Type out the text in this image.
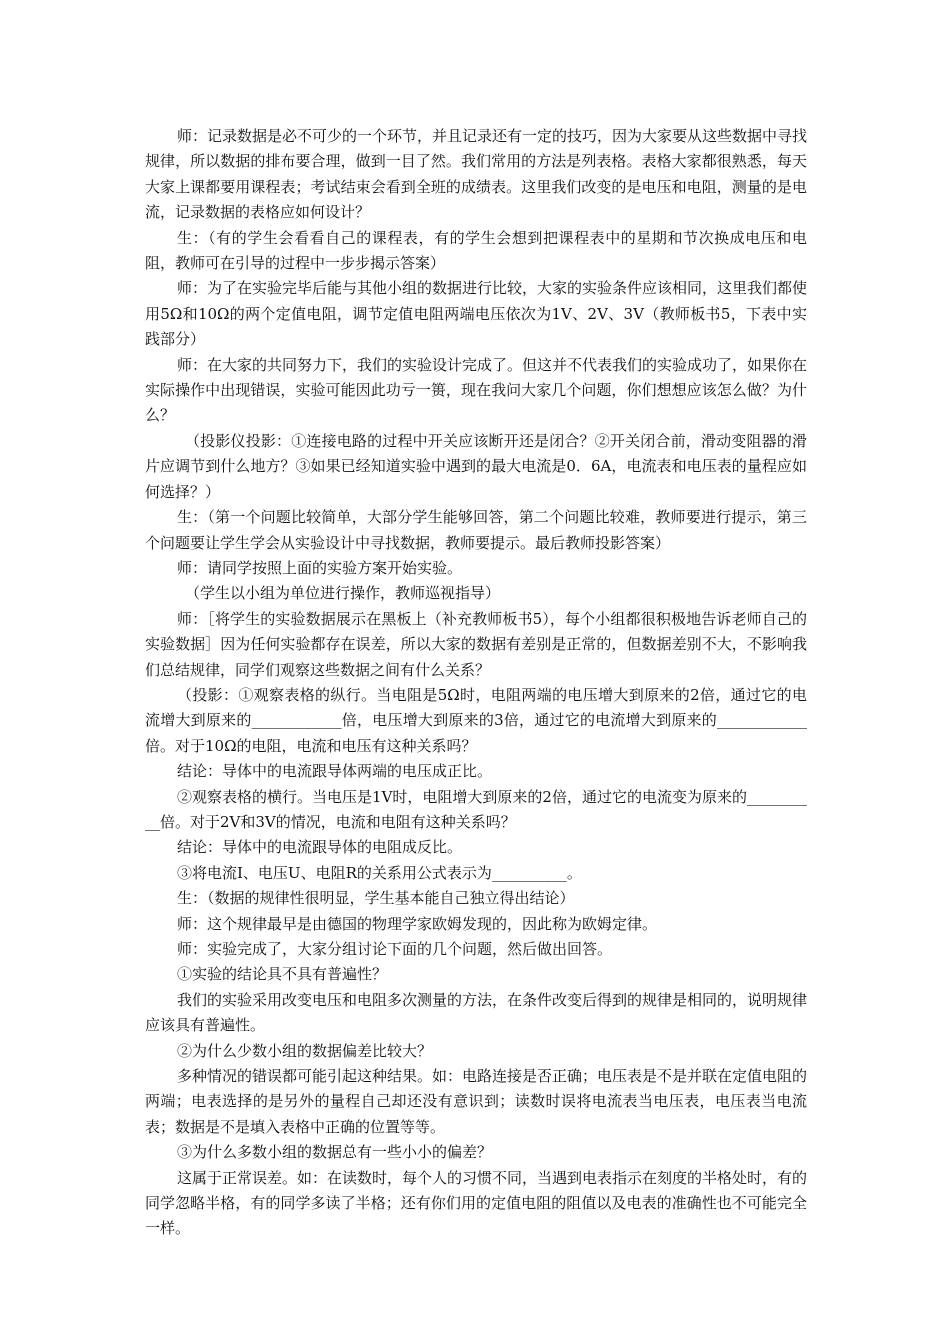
师：记录数据是必不可少的一个环节，并且记录还有一定的技巧，因为大家要从这些数据中寻找规律，所以数据的排布要合理，做到一目了然。我们常用的方法是列表格。表格大家都很熟悉，每天大家上课都要用课程表；考试结束会看到全班的成绩表。这里我们改变的是电压和电阻，测量的是电流，记录数据的表格应如何设计？

生：（有的学生会看看自己的课程表，有的学生会想到把课程表中的星期和节次换成电压和电阻，教师可在引导的过程中一步步揭示答案）

师：为了在实验完毕后能与其他小组的数据进行比较，大家的实验条件应该相同，这里我们都使用5Ω和10Ω的两个定值电阻，调节定值电阻两端电压依次为1V、2V、3V（教师板书5，下表中实践部分）

师：在大家的共同努力下，我们的实验设计完成了。但这并不代表我们的实验成功了，如果你在实际操作中出现错误，实验可能因此功亏一篑，现在我问大家几个问题，你们想想应该怎么做？为什么？

（投影仪投影：①连接电路的过程中开关应该断开还是闭合？②开关闭合前，滑动变阻器的滑片应调节到什么地方？③如果已经知道实验中遇到的最大电流是0．6A，电流表和电压表的量程应如何选择？）

生：（第一个问题比较简单，大部分学生能够回答，第二个问题比较难，教师要进行提示，第三个问题要让学生学会从实验设计中寻找数据，教师要提示。最后教师投影答案）

师：请同学按照上面的实验方案开始实验。

（学生以小组为单位进行操作，教师巡视指导）

师：［将学生的实验数据展示在黑板上（补充教师板书5），每个小组都很积极地告诉老师自己的实验数据］因为任何实验都存在误差，所以大家的数据有差别是正常的，但数据差别不大，不影响我们总结规律，同学们观察这些数据之间有什么关系？

（投影：①观察表格的纵行。当电阻是5Ω时，电阻两端的电压增大到原来的2倍，通过它的电流增大到原来的____________倍，电压增大到原来的3倍，通过它的电流增大到原来的____________倍。对于10Ω的电阻，电流和电压有这种关系吗？

结论：导体中的电流跟导体两端的电压成正比。

②观察表格的横行。当电压是1V时，电阻增大到原来的2倍，通过它的电流变为原来的__________倍。对于2V和3V的情况，电流和电阻有这种关系吗？

结论：导体中的电流跟导体的电阻成反比。

③将电流I、电压U、电阻R的关系用公式表示为__________。

生：（数据的规律性很明显，学生基本能自己独立得出结论）

师：这个规律最早是由德国的物理学家欧姆发现的，因此称为欧姆定律。

师：实验完成了，大家分组讨论下面的几个问题，然后做出回答。

①实验的结论具不具有普遍性？

我们的实验采用改变电压和电阻多次测量的方法，在条件改变后得到的规律是相同的，说明规律应该具有普遍性。

②为什么少数小组的数据偏差比较大？

多种情况的错误都可能引起这种结果。如：电路连接是否正确；电压表是不是并联在定值电阻的两端；电表选择的是另外的量程自己却还没有意识到；读数时误将电流表当电压表，电压表当电流表；数据是不是填入表格中正确的位置等等。

③为什么多数小组的数据总有一些小小的偏差？

这属于正常误差。如：在读数时，每个人的习惯不同，当遇到电表指示在刻度的半格处时，有的同学忽略半格，有的同学多读了半格；还有你们用的定值电阻的阻值以及电表的准确性也不可能完全一样。
